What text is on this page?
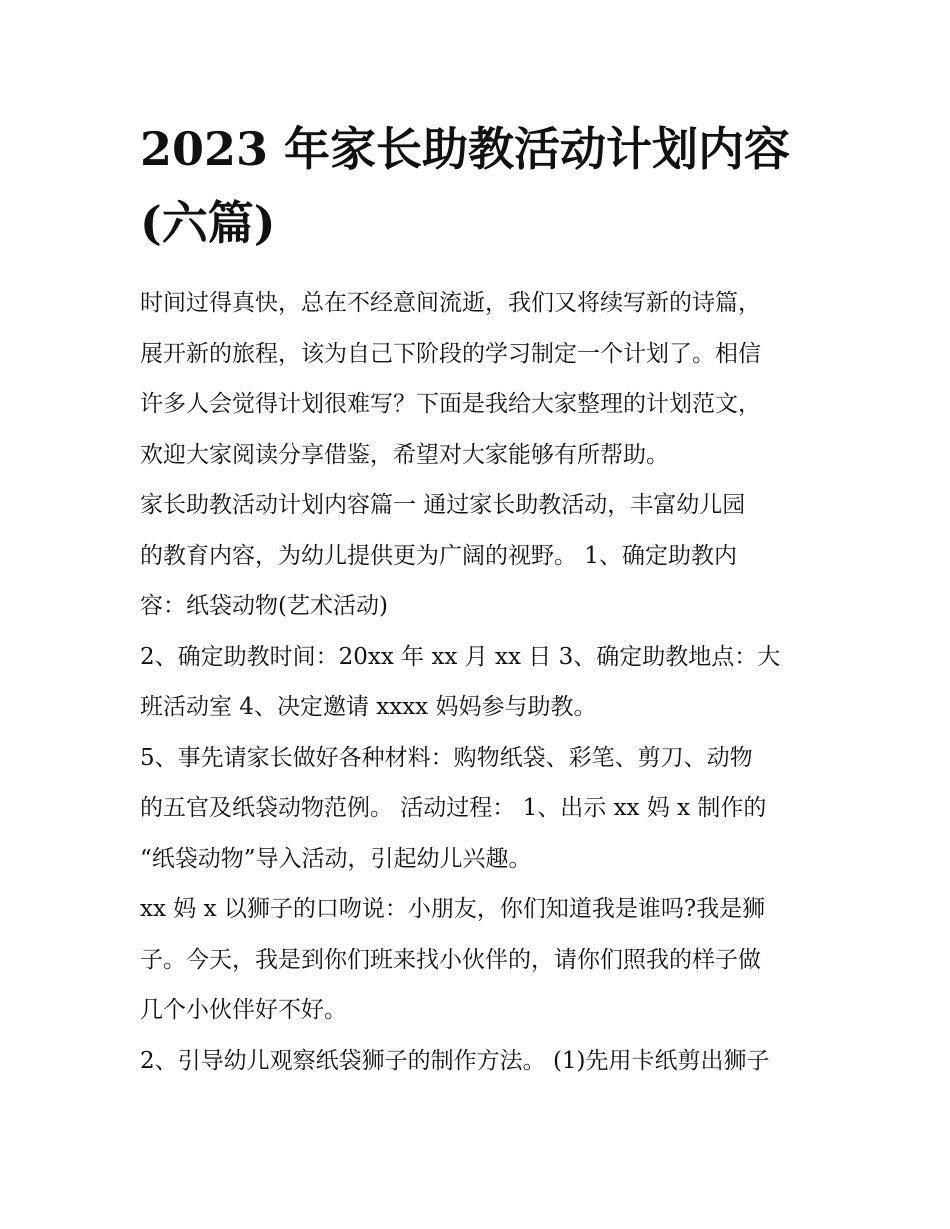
2023 年家长助教活动计划内容
(六篇)

时间过得真快，总在不经意间流逝，我们又将续写新的诗篇，
展开新的旅程，该为自己下阶段的学习制定一个计划了。相信
许多人会觉得计划很难写？下面是我给大家整理的计划范文，
欢迎大家阅读分享借鉴，希望对大家能够有所帮助。

家长助教活动计划内容篇一 通过家长助教活动，丰富幼儿园
的教育内容，为幼儿提供更为广阔的视野。 1、确定助教内
容：纸袋动物(艺术活动)

2、确定助教时间：20xx 年 xx 月 xx 日 3、确定助教地点：大
班活动室 4、决定邀请 xxxx 妈妈参与助教。

5、事先请家长做好各种材料：购物纸袋、彩笔、剪刀、动物
的五官及纸袋动物范例。 活动过程： 1、出示 xx 妈 x 制作的
“纸袋动物”导入活动，引起幼儿兴趣。

xx 妈 x 以狮子的口吻说：小朋友，你们知道我是谁吗?我是狮
子。今天，我是到你们班来找小伙伴的，请你们照我的样子做
几个小伙伴好不好。

2、引导幼儿观察纸袋狮子的制作方法。 (1)先用卡纸剪出狮子
